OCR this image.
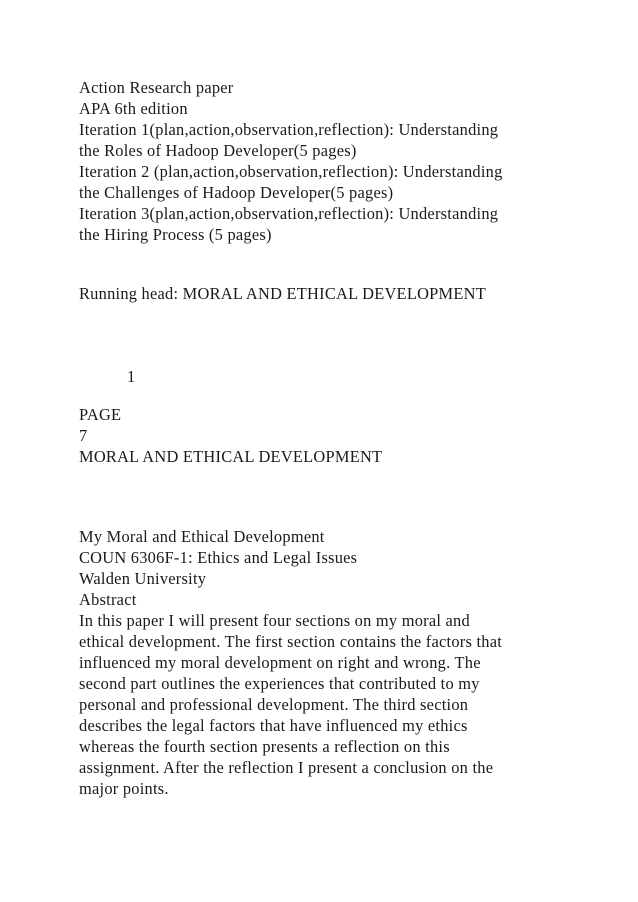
Action Research paper
APA 6th edition
Iteration 1(plan,action,observation,reflection): Understanding
the Roles of Hadoop Developer(5 pages)
Iteration 2 (plan,action,observation,reflection): Understanding
the Challenges of Hadoop Developer(5 pages)
Iteration 3(plan,action,observation,reflection): Understanding
the Hiring Process (5 pages)
Running head: MORAL AND ETHICAL DEVELOPMENT
1
PAGE
7
MORAL AND ETHICAL DEVELOPMENT
My Moral and Ethical Development
COUN 6306F-1: Ethics and Legal Issues
Walden University
Abstract
In this paper I will present four sections on my moral and
ethical development. The first section contains the factors that
influenced my moral development on right and wrong. The
second part outlines the experiences that contributed to my
personal and professional development. The third section
describes the legal factors that have influenced my ethics
whereas the fourth section presents a reflection on this
assignment. After the reflection I present a conclusion on the
major points.
